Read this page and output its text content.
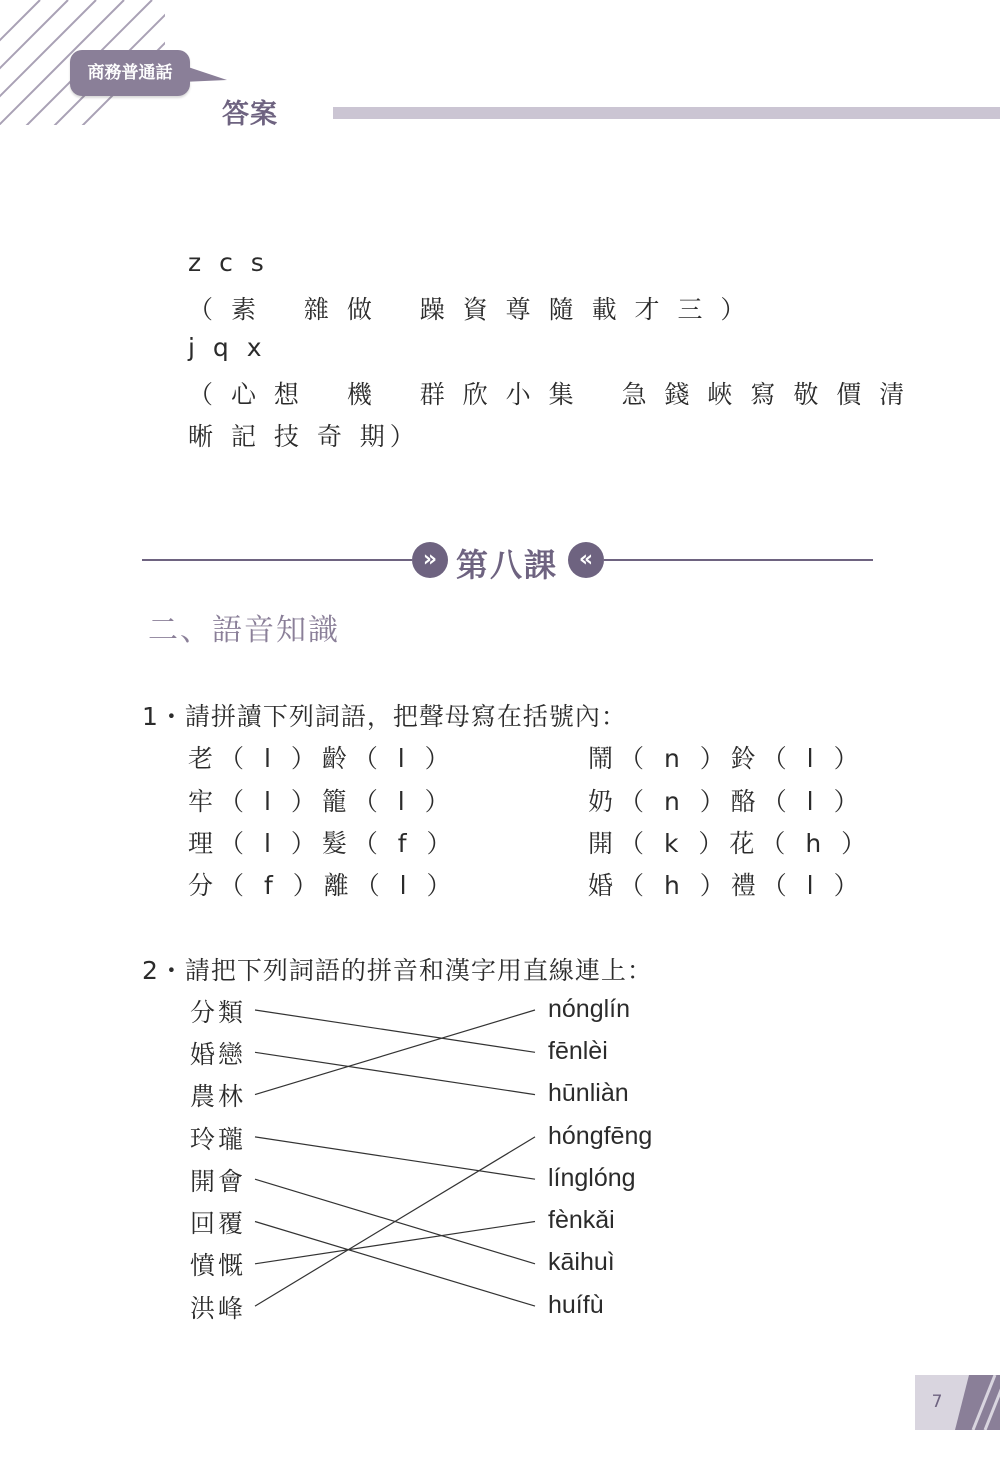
商務普通話
答案
z c s
（ 素　 雜 做　 躁 資 尊 隨 載 才 三 ）
j q x
（ 心 想　 機　 群 欣 小 集　 急 錢 峽 寫 敬 價 清
晰 記 技 奇 期）
» 第八課 «
二、語音知識
1・請拼讀下列詞語，把聲母寫在括號內：
老（ l ）齡（ l ）
牢（ l ）籠（ l ）
理（ l ）髮（ f ）
分（ f ）離（ l ）
鬧（ n ）鈴（ l ）
奶（ n ）酪（ l ）
開（ k ）花（ h ）
婚（ h ）禮（ l ）
2・請把下列詞語的拼音和漢字用直線連上：
分類
婚戀
農林
玲瓏
開會
回覆
憤慨
洪峰
nónglín
fēnlèi
hūnliàn
hóngfēng
línglóng
fènkǎi
kāihuì
huífù
7
